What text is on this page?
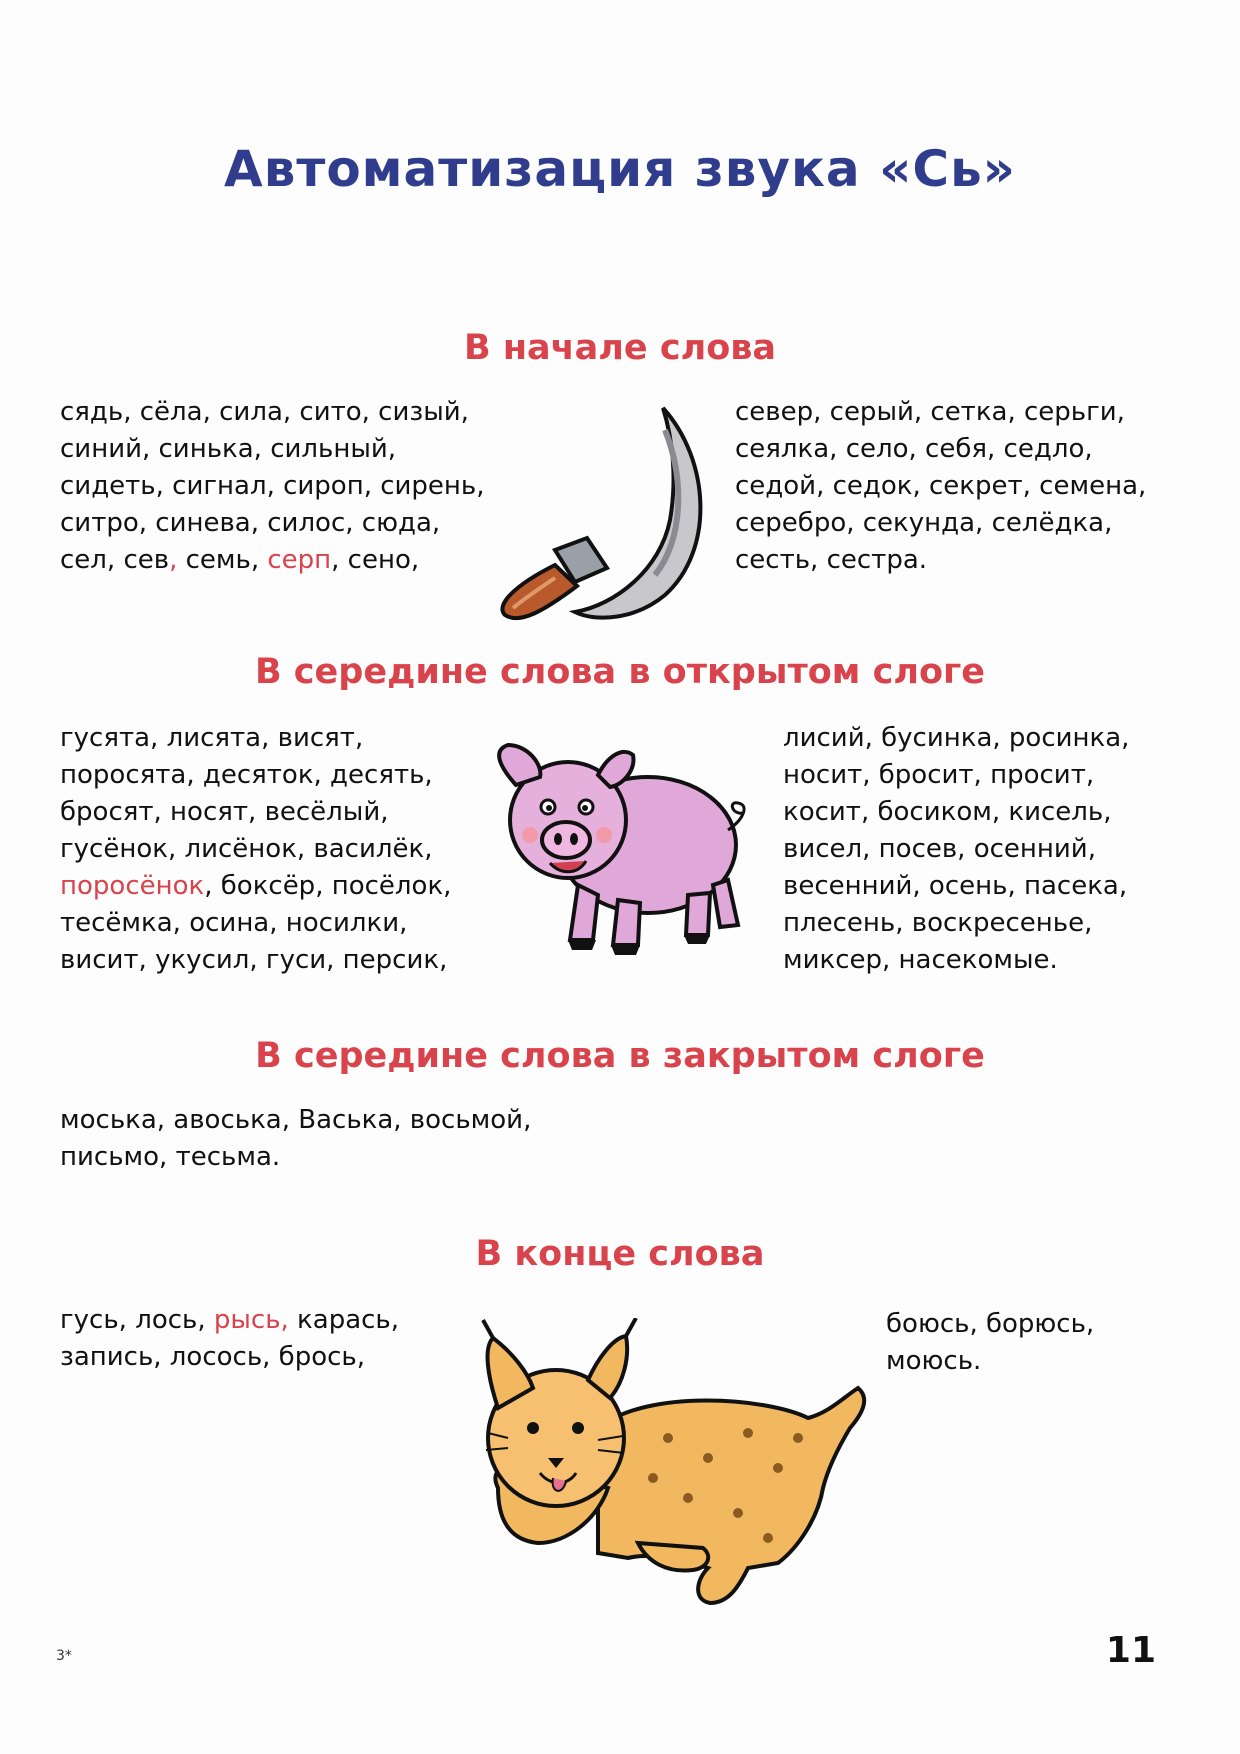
Автоматизация звука «Сь»
В начале слова
сядь, сёла, сила, сито, сизый,
синий, синька, сильный,
сидеть, сигнал, сироп, сирень,
ситро, синева, силос, сюда,
сел, сев, семь, серп, сено,
север, серый, сетка, серьги,
сеялка, село, себя, седло,
седой, седок, секрет, семена,
серебро, секунда, селёдка,
сесть, сестра.
В середине слова в открытом слоге
гусята, лисята, висят,
поросята, десяток, десять,
бросят, носят, весёлый,
гусёнок, лисёнок, василёк,
поросёнок, боксёр, посёлок,
тесёмка, осина, носилки,
висит, укусил, гуси, персик,
лисий, бусинка, росинка,
носит, бросит, просит,
косит, босиком, кисель,
висел, посев, осенний,
весенний, осень, пасека,
плесень, воскресенье,
миксер, насекомые.
В середине слова в закрытом слоге
моська, авоська, Васька, восьмой,
письмо, тесьма.
В конце слова
гусь, лось, рысь, карась,
запись, лосось, брось,
боюсь, борюсь,
моюсь.
3*	11
